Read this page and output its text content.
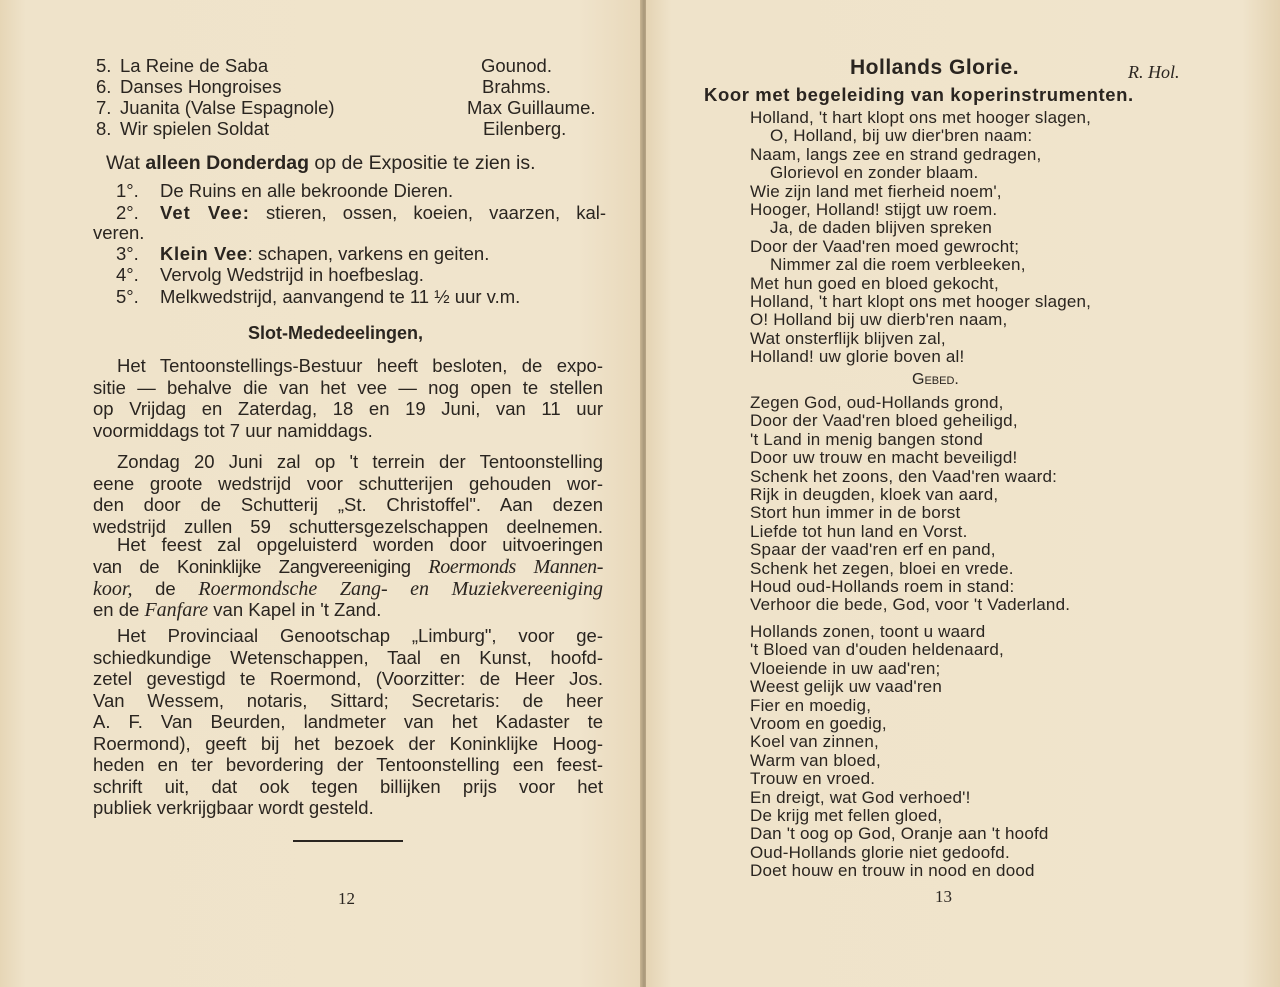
5. La Reine de Saba	Gounod.
6. Danses Hongroises	Brahms.
7. Juanita (Valse Espagnole)	Max Guillaume.
8. Wir spielen Soldat	Eilenberg.
Wat alleen Donderdag op de Expositie te zien is.
1°. De Ruins en alle bekroonde Dieren.
2°. Vet Vee: stieren, ossen, koeien, vaarzen, kal-
veren.
3°. Klein Vee: schapen, varkens en geiten.
4°. Vervolg Wedstrijd in hoefbeslag.
5°. Melkwedstrijd, aanvangend te 11 ½ uur v.m.
Slot-Mededeelingen,
Het Tentoonstellings-Bestuur heeft besloten, de expo-
sitie — behalve die van het vee — nog open te stellen
op Vrijdag en Zaterdag, 18 en 19 Juni, van 11 uur
voormiddags tot 7 uur namiddags.
Zondag 20 Juni zal op 't terrein der Tentoonstelling
eene groote wedstrijd voor schutterijen gehouden wor-
den door de Schutterij „St. Christoffel". Aan dezen
wedstrijd zullen 59 schuttersgezelschappen deelnemen.
Het feest zal opgeluisterd worden door uitvoeringen
van de Koninklijke Zangvereeniging Roermonds Mannen-
koor, de Roermondsche Zang- en Muziekvereeniging
en de Fanfare van Kapel in 't Zand.
Het Provinciaal Genootschap „Limburg", voor ge-
schiedkundige Wetenschappen, Taal en Kunst, hoofd-
zetel gevestigd te Roermond, (Voorzitter: de Heer Jos.
Van Wessem, notaris, Sittard; Secretaris: de heer
A. F. Van Beurden, landmeter van het Kadaster te
Roermond), geeft bij het bezoek der Koninklijke Hoog-
heden en ter bevordering der Tentoonstelling een feest-
schrift uit, dat ook tegen billijken prijs voor het
publiek verkrijgbaar wordt gesteld.
12
Hollands Glorie.	R. Hol.
Koor met begeleiding van koperinstrumenten.
Holland, 't hart klopt ons met hooger slagen,
O, Holland, bij uw dier'bren naam:
Naam, langs zee en strand gedragen,
Glorievol en zonder blaam.
Wie zijn land met fierheid noem',
Hooger, Holland! stijgt uw roem.
Ja, de daden blijven spreken
Door der Vaad'ren moed gewrocht;
Nimmer zal die roem verbleeken,
Met hun goed en bloed gekocht,
Holland, 't hart klopt ons met hooger slagen,
O! Holland bij uw dierb'ren naam,
Wat onsterflijk blijven zal,
Holland! uw glorie boven al!
Gebed.
Zegen God, oud-Hollands grond,
Door der Vaad'ren bloed geheiligd,
't Land in menig bangen stond
Door uw trouw en macht beveiligd!
Schenk het zoons, den Vaad'ren waard:
Rijk in deugden, kloek van aard,
Stort hun immer in de borst
Liefde tot hun land en Vorst.
Spaar der vaad'ren erf en pand,
Schenk het zegen, bloei en vrede.
Houd oud-Hollands roem in stand:
Verhoor die bede, God, voor 't Vaderland.
Hollands zonen, toont u waard
't Bloed van d'ouden heldenaard,
Vloeiende in uw aad'ren;
Weest gelijk uw vaad'ren
Fier en moedig,
Vroom en goedig,
Koel van zinnen,
Warm van bloed,
Trouw en vroed.
En dreigt, wat God verhoed'!
De krijg met fellen gloed,
Dan 't oog op God, Oranje aan 't hoofd
Oud-Hollands glorie niet gedoofd.
Doet houw en trouw in nood en dood
13
